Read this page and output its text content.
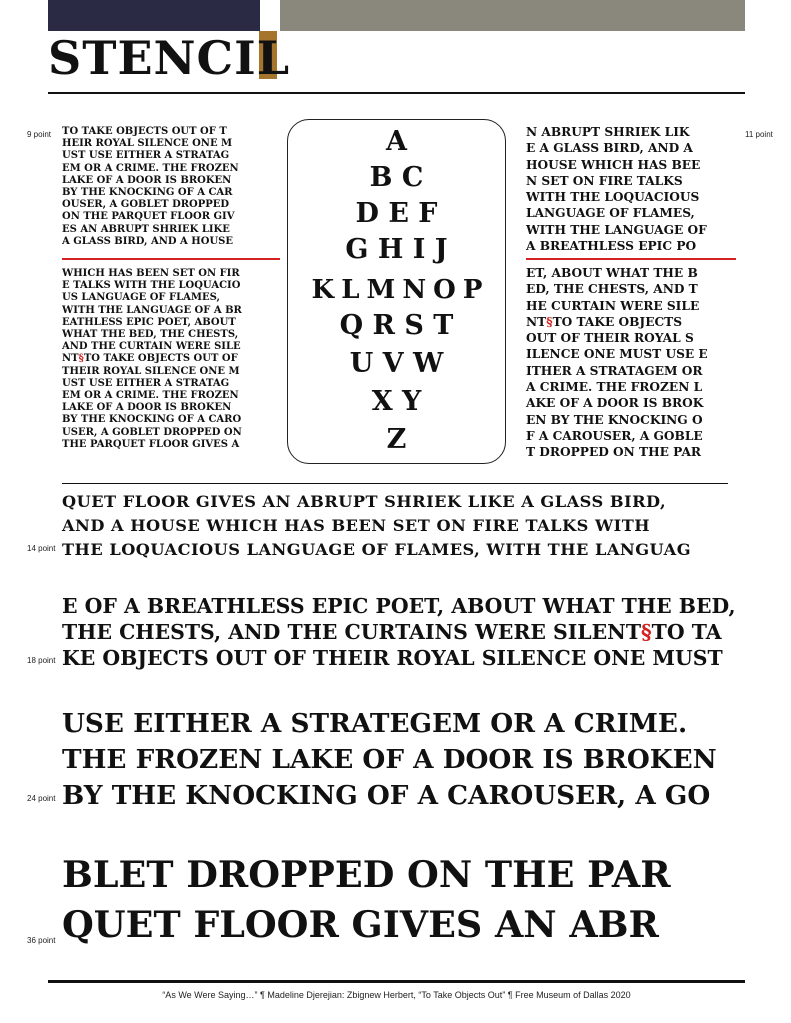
STENCIL
9 point	11 point
14 point
18 point
24 point
36 point
TO TAKE OBJECTS OUT OF T
HEIR ROYAL SILENCE ONE M
UST USE EITHER A STRATAG
EM OR A CRIME. THE FROZEN
LAKE OF A DOOR IS BROKEN
BY THE KNOCKING OF A CAR
OUSER, A GOBLET DROPPED
ON THE PARQUET FLOOR GIV
ES AN ABRUPT SHRIEK LIKE
A GLASS BIRD, AND A HOUSE
WHICH HAS BEEN SET ON FIR
E TALKS WITH THE LOQUACIO
US LANGUAGE OF FLAMES,
WITH THE LANGUAGE OF A BR
EATHLESS EPIC POET, ABOUT
WHAT THE BED, THE CHESTS,
AND THE CURTAIN WERE SILE
NT§TO TAKE OBJECTS OUT OF
THEIR ROYAL SILENCE ONE M
UST USE EITHER A STRATAG
EM OR A CRIME. THE FROZEN
LAKE OF A DOOR IS BROKEN
BY THE KNOCKING OF A CARO
USER, A GOBLET DROPPED ON
THE PARQUET FLOOR GIVES A
A
B C
D E F
G H I J
K L M N O P
Q R S T
U V W
X Y
Z
N ABRUPT SHRIEK LIK
E A GLASS BIRD, AND A
HOUSE WHICH HAS BEE
N SET ON FIRE TALKS
WITH THE LOQUACIOUS
LANGUAGE OF FLAMES,
WITH THE LANGUAGE OF
A BREATHLESS EPIC PO
ET, ABOUT WHAT THE B
ED, THE CHESTS, AND T
HE CURTAIN WERE SILE
NT§TO TAKE OBJECTS
OUT OF THEIR ROYAL S
ILENCE ONE MUST USE E
ITHER A STRATAGEM OR
A CRIME. THE FROZEN L
AKE OF A DOOR IS BROK
EN BY THE KNOCKING O
F A CAROUSER, A GOBLE
T DROPPED ON THE PAR
QUET FLOOR GIVES AN ABRUPT SHRIEK LIKE A GLASS BIRD,
AND A HOUSE WHICH HAS BEEN SET ON FIRE TALKS WITH
THE LOQUACIOUS LANGUAGE OF FLAMES, WITH THE LANGUAG
E OF A BREATHLESS EPIC POET, ABOUT WHAT THE BED,
THE CHESTS, AND THE CURTAINS WERE SILENT§TO TA
KE OBJECTS OUT OF THEIR ROYAL SILENCE ONE MUST
USE EITHER A STRATEGEM OR A CRIME.
THE FROZEN LAKE OF A DOOR IS BROKEN
BY THE KNOCKING OF A CAROUSER, A GO
BLET DROPPED ON THE PAR
QUET FLOOR GIVES AN ABR
“As We Were Saying…” ¶ Madeline Djerejian: Zbignew Herbert, “To Take Objects Out” ¶ Free Museum of Dallas 2020
